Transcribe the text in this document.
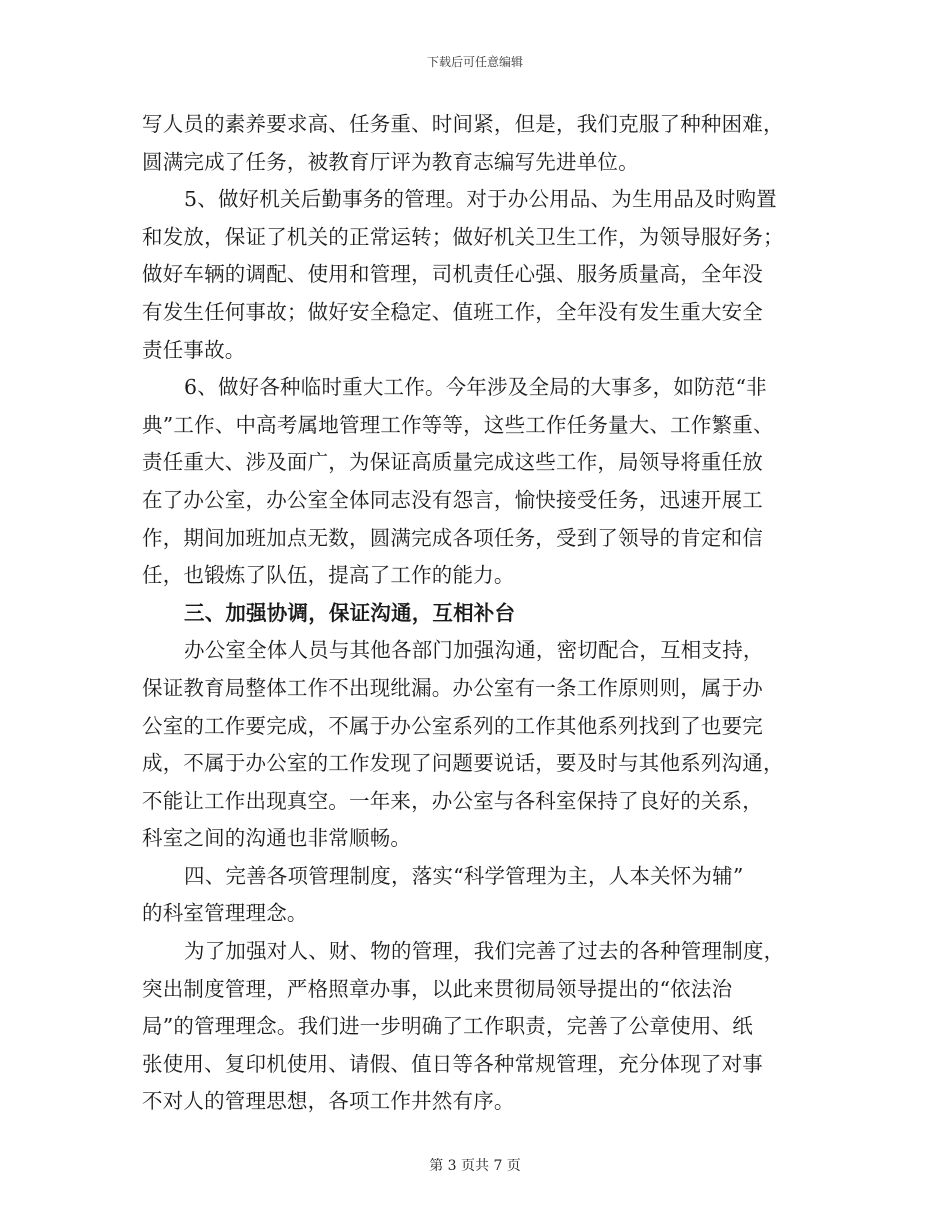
下载后可任意编辑
写人员的素养要求高、任务重、时间紧，但是，我们克服了种种困难，
圆满完成了任务，被教育厅评为教育志编写先进单位。
5、做好机关后勤事务的管理。对于办公用品、为生用品及时购置
和发放，保证了机关的正常运转；做好机关卫生工作，为领导服好务；
做好车辆的调配、使用和管理，司机责任心强、服务质量高，全年没
有发生任何事故；做好安全稳定、值班工作，全年没有发生重大安全
责任事故。
6、做好各种临时重大工作。今年涉及全局的大事多，如防范“非
典”工作、中高考属地管理工作等等，这些工作任务量大、工作繁重、
责任重大、涉及面广，为保证高质量完成这些工作，局领导将重任放
在了办公室，办公室全体同志没有怨言，愉快接受任务，迅速开展工
作，期间加班加点无数，圆满完成各项任务，受到了领导的肯定和信
任，也锻炼了队伍，提高了工作的能力。
三、加强协调，保证沟通，互相补台
办公室全体人员与其他各部门加强沟通，密切配合，互相支持，
保证教育局整体工作不出现纰漏。办公室有一条工作原则则，属于办
公室的工作要完成，不属于办公室系列的工作其他系列找到了也要完
成，不属于办公室的工作发现了问题要说话，要及时与其他系列沟通，
不能让工作出现真空。一年来，办公室与各科室保持了良好的关系，
科室之间的沟通也非常顺畅。
四、完善各项管理制度，落实“科学管理为主，人本关怀为辅”
的科室管理理念。
为了加强对人、财、物的管理，我们完善了过去的各种管理制度，
突出制度管理，严格照章办事，以此来贯彻局领导提出的“依法治
局”的管理理念。我们进一步明确了工作职责，完善了公章使用、纸
张使用、复印机使用、请假、值日等各种常规管理，充分体现了对事
不对人的管理思想，各项工作井然有序。
第 3 页共 7 页
